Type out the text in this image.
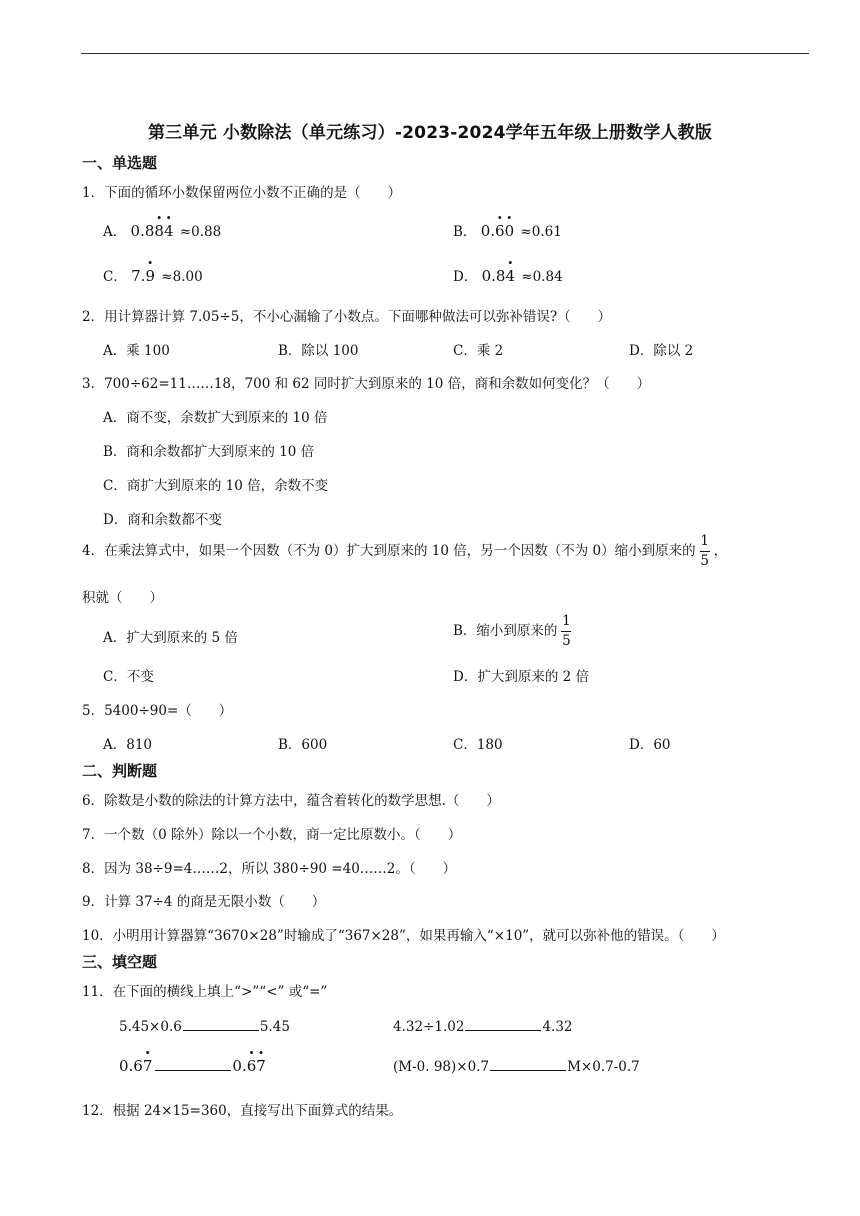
第三单元 小数除法（单元练习）-2023-2024学年五年级上册数学人教版
一、单选题
1．下面的循环小数保留两位小数不正确的是（　　）
A． 0.8· 8· 4 ≈0.88	B． 0.· 6· 0 ≈0.61
C． 7.· 9 ≈8.00	D． 0.8· 4 ≈0.84
2．用计算器计算 7.05÷5，不小心漏输了小数点。下面哪种做法可以弥补错误?（　　）
A．乘 100	B．除以 100	C．乘 2	D．除以 2
3．700÷62=11……18，700 和 62 同时扩大到原来的 10 倍，商和余数如何变化？（　　）
A．商不变，余数扩大到原来的 10 倍
B．商和余数都扩大到原来的 10 倍
C．商扩大到原来的 10 倍，余数不变
D．商和余数都不变
4．在乘法算式中，如果一个因数（不为 0）扩大到原来的 10 倍，另一个因数（不为 0）缩小到原来的 $\frac{1}{5}$ ，
积就（　　）
A．扩大到原来的 5 倍	B．缩小到原来的 $\frac{1}{5}$
C．不变	D．扩大到原来的 2 倍
5．5400÷90=（　　）
A．810	B．600	C．180	D．60
二、判断题
6．除数是小数的除法的计算方法中，蕴含着转化的数学思想.（　　）
7．一个数（0 除外）除以一个小数，商一定比原数小。（　　）
8．因为 38÷9=4……2，所以 380÷90 =40……2。（　　）
9．计算 37÷4 的商是无限小数（　　）
10．小明用计算器算“3670×28”时输成了“367×28”，如果再输入“×10”，就可以弥补他的错误。（　　）
三、填空题
11．在下面的横线上填上“>”“<” 或“=”
5.45×0.6	5.45	4.32÷1.02	4.32
0.6· 7	0.· 6· 7	(M-0. 98)×0.7	M×0.7-0.7
12．根据 24×15=360，直接写出下面算式的结果。
